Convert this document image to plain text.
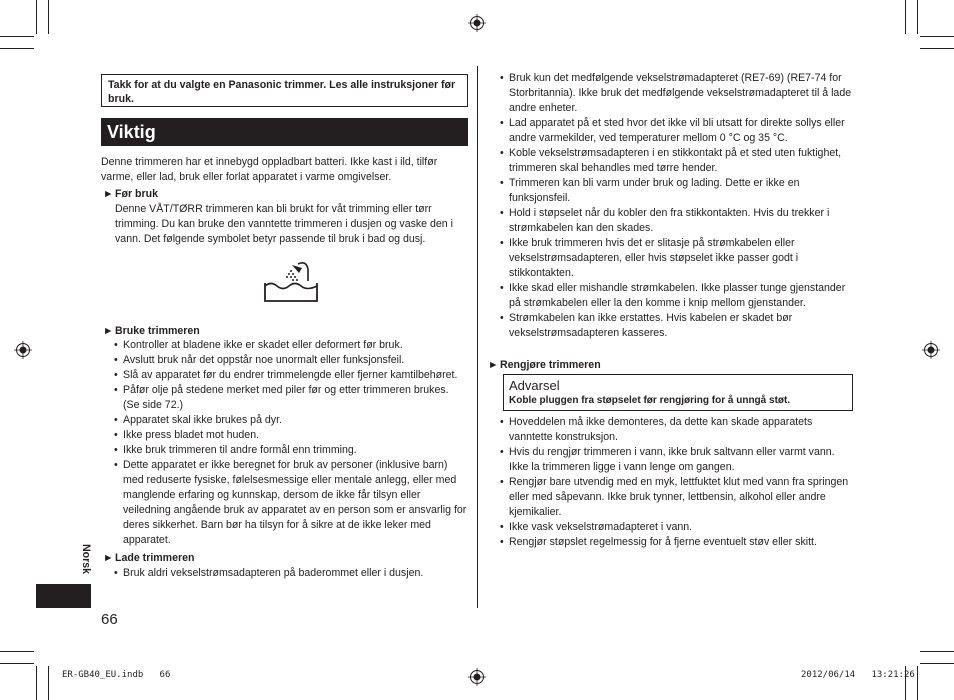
Takk for at du valgte en Panasonic trimmer. Les alle instruksjoner før bruk.
Viktig
Denne trimmeren har et innebygd oppladbart batteri. Ikke kast i ild, tilfør varme, eller lad, bruk eller forlat apparatet i varme omgivelser.
► Før bruk
Denne VÅT/TØRR trimmeren kan bli brukt for våt trimming eller tørr trimming. Du kan bruke den vanntette trimmeren i dusjen og vaske den i vann. Det følgende symbolet betyr passende til bruk i bad og dusj.
► Bruke trimmeren
• Kontroller at bladene ikke er skadet eller deformert før bruk.
• Avslutt bruk når det oppstår noe unormalt eller funksjonsfeil.
• Slå av apparatet før du endrer trimmelengde eller fjerner kamtilbehøret.
• Påfør olje på stedene merket med piler før og etter trimmeren brukes. (Se side 72.)
• Apparatet skal ikke brukes på dyr.
• Ikke press bladet mot huden.
• Ikke bruk trimmeren til andre formål enn trimming.
• Dette apparatet er ikke beregnet for bruk av personer (inklusive barn) med reduserte fysiske, følelsesmessige eller mentale anlegg, eller med manglende erfaring og kunnskap, dersom de ikke får tilsyn eller veiledning angående bruk av apparatet av en person som er ansvarlig for deres sikkerhet. Barn bør ha tilsyn for å sikre at de ikke leker med apparatet.
► Lade trimmeren
• Bruk aldri vekselstrømsadapteren på baderommet eller i dusjen.
Norsk
66
• Bruk kun det medfølgende vekselstrømadapteret (RE7-69) (RE7-74 for Storbritannia). Ikke bruk det medfølgende vekselstrømadapteret til å lade andre enheter.
• Lad apparatet på et sted hvor det ikke vil bli utsatt for direkte sollys eller andre varmekilder, ved temperaturer mellom 0 °C og 35 °C.
• Koble vekselstrømsadapteren i en stikkontakt på et sted uten fuktighet, trimmeren skal behandles med tørre hender.
• Trimmeren kan bli varm under bruk og lading. Dette er ikke en funksjonsfeil.
• Hold i støpselet når du kobler den fra stikkontakten. Hvis du trekker i strømkabelen kan den skades.
• Ikke bruk trimmeren hvis det er slitasje på strømkabelen eller vekselstrømsadapteren, eller hvis støpselet ikke passer godt i stikkontakten.
• Ikke skad eller mishandle strømkabelen. Ikke plasser tunge gjenstander på strømkabelen eller la den komme i knip mellom gjenstander.
• Strømkabelen kan ikke erstattes. Hvis kabelen er skadet bør vekselstrømsadapteren kasseres.
► Rengjøre trimmeren
Advarsel
Koble pluggen fra støpselet før rengjøring for å unngå støt.
• Hoveddelen må ikke demonteres, da dette kan skade apparatets vanntette konstruksjon.
• Hvis du rengjør trimmeren i vann, ikke bruk saltvann eller varmt vann. Ikke la trimmeren ligge i vann lenge om gangen.
• Rengjør bare utvendig med en myk, lettfuktet klut med vann fra springen eller med såpevann. Ikke bruk tynner, lettbensin, alkohol eller andre kjemikalier.
• Ikke vask vekselstrømadapteret i vann.
• Rengjør støpslet regelmessig for å fjerne eventuelt støv eller skitt.
ER-GB40_EU.indb   66	2012/06/14   13:21:26
